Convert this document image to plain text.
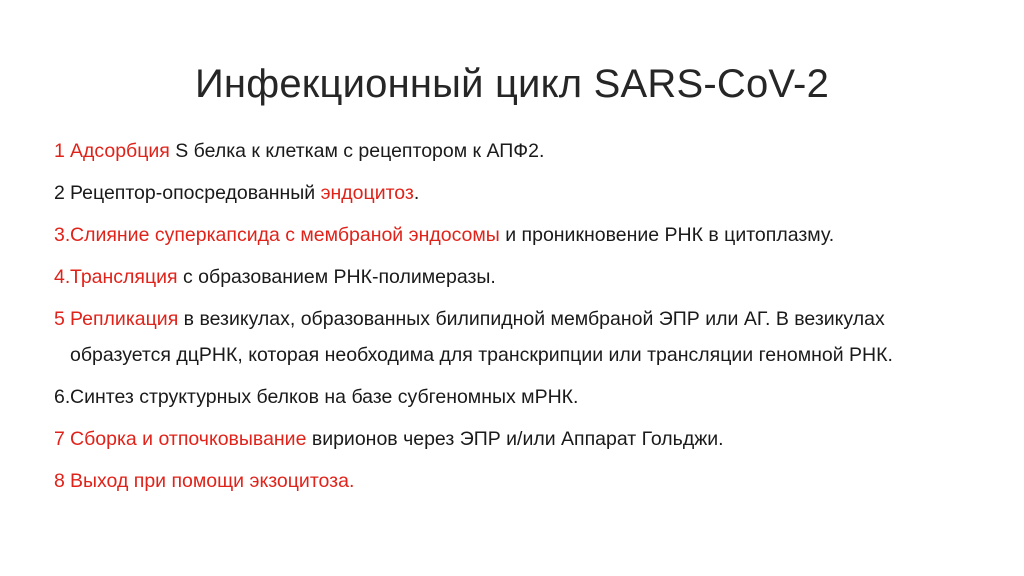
Инфекционный цикл SARS-CoV-2
1 Адсорбция S белка к клеткам с рецептором к АПФ2.
2 Рецептор-опосредованный эндоцитоз.
3. Слияние суперкапсида с мембраной эндосомы и проникновение РНК в цитоплазму.
4. Трансляция с образованием РНК-полимеразы.
5 Репликация в везикулах, образованных билипидной мембраной ЭПР или АГ. В везикулах образуется дцРНК, которая необходима для транскрипции или трансляции геномной РНК.
6. Синтез структурных белков на базе субгеномных мРНК.
7 Сборка и отпочковывание вирионов через ЭПР и/или Аппарат Гольджи.
8 Выход при помощи экзоцитоза.
